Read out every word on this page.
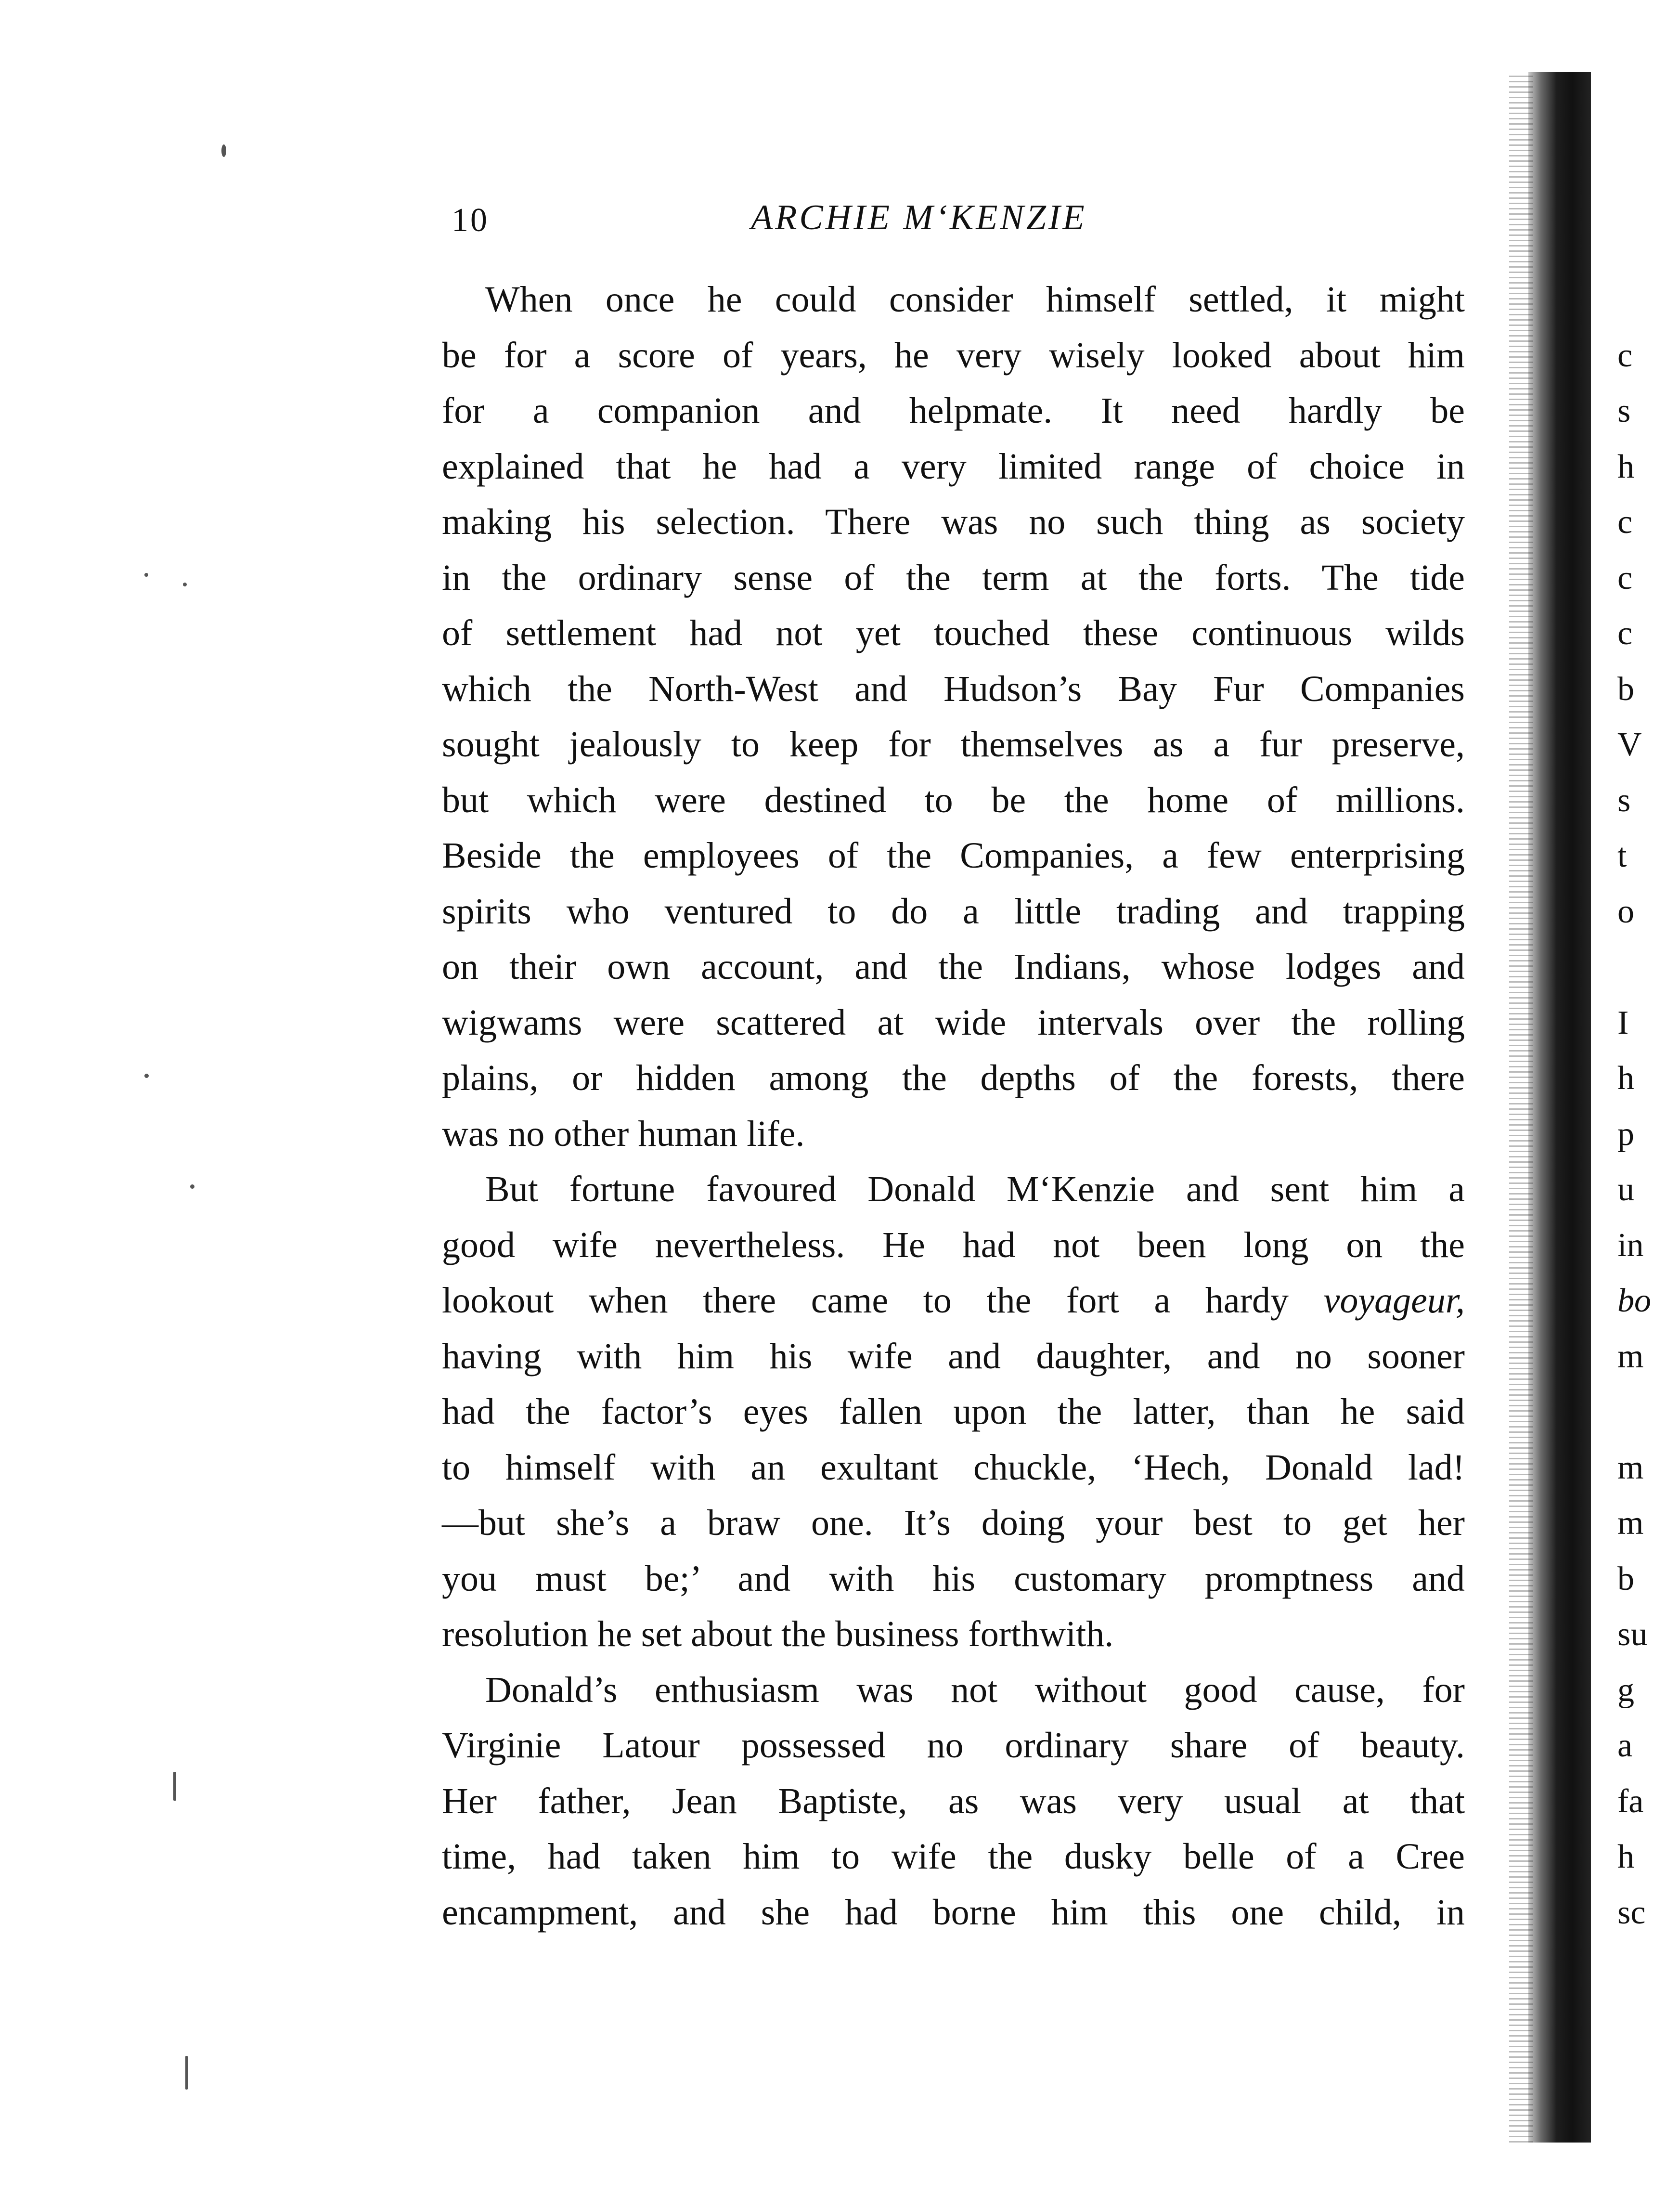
10	ARCHIE M‘KENZIE
When once he could consider himself settled, it might
be for a score of years, he very wisely looked about him
for a companion and helpmate. It need hardly be
explained that he had a very limited range of choice in
making his selection. There was no such thing as society
in the ordinary sense of the term at the forts. The tide
of settlement had not yet touched these continuous wilds
which the North-West and Hudson’s Bay Fur Companies
sought jealously to keep for themselves as a fur preserve,
but which were destined to be the home of millions.
Beside the employees of the Companies, a few enterprising
spirits who ventured to do a little trading and trapping
on their own account, and the Indians, whose lodges and
wigwams were scattered at wide intervals over the rolling
plains, or hidden among the depths of the forests, there
was no other human life.
But fortune favoured Donald M‘Kenzie and sent him a
good wife nevertheless. He had not been long on the
lookout when there came to the fort a hardy voyageur,
having with him his wife and daughter, and no sooner
had the factor’s eyes fallen upon the latter, than he said
to himself with an exultant chuckle, ‘Hech, Donald lad!
—but she’s a braw one. It’s doing your best to get her
you must be;’ and with his customary promptness and
resolution he set about the business forthwith.
Donald’s enthusiasm was not without good cause, for
Virginie Latour possessed no ordinary share of beauty.
Her father, Jean Baptiste, as was very usual at that
time, had taken him to wife the dusky belle of a Cree
encampment, and she had borne him this one child, in
c
s
h
c
c
c
b
V
s
t
o
I
h
p
u
in
bo
m
m
m
b
su
g
a
fa
h
sc
